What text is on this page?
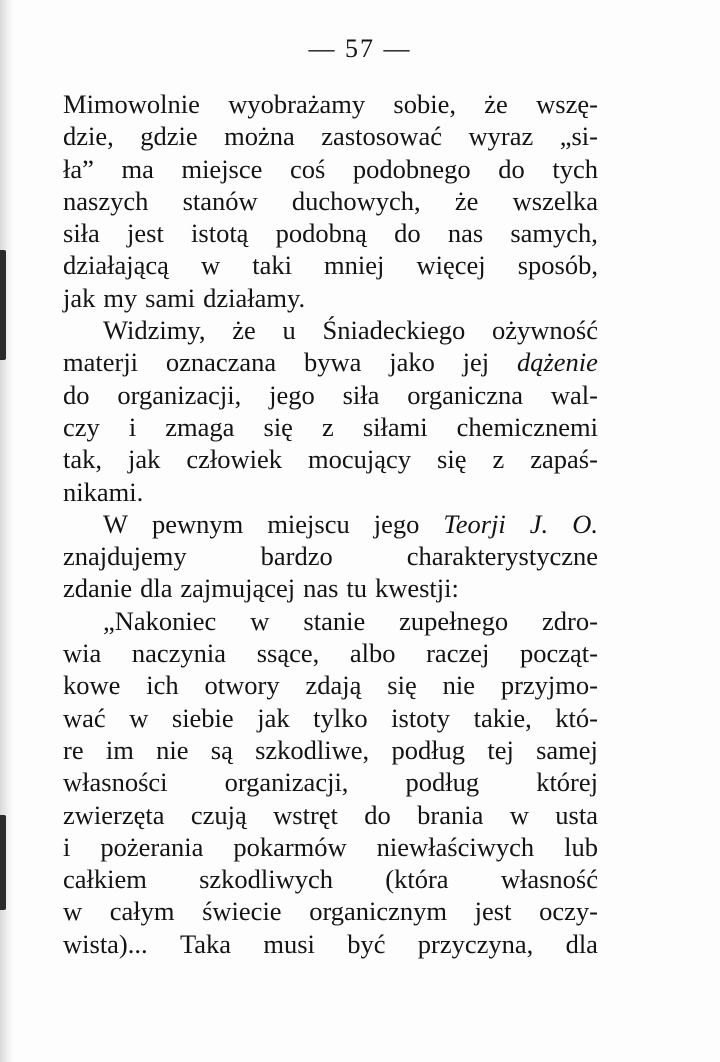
— 57 —
Mimowolnie wyobrażamy sobie, że wszę-
dzie, gdzie można zastosować wyraz „si-
ła” ma miejsce coś podobnego do tych
naszych stanów duchowych, że wszelka
siła jest istotą podobną do nas samych,
działającą w taki mniej więcej sposób,
jak my sami działamy.
Widzimy, że u Śniadeckiego ożywność
materji oznaczana bywa jako jej dążenie
do organizacji, jego siła organiczna wal-
czy i zmaga się z siłami chemicznemi
tak, jak człowiek mocujący się z zapaś-
nikami.
W pewnym miejscu jego Teorji J. O.
znajdujemy	bardzo	charakterystyczne
zdanie dla zajmującej nas tu kwestji:
„Nakoniec w stanie zupełnego zdro-
wia naczynia ssące, albo raczej począt-
kowe ich otwory zdają się nie przyjmo-
wać w siebie jak tylko istoty takie, któ-
re im nie są szkodliwe, podług tej samej
własności organizacji, podług której
zwierzęta czują wstręt do brania w usta
i pożerania pokarmów niewłaściwych lub
całkiem szkodliwych (która własność
w całym świecie organicznym jest oczy-
wista)... Taka musi być przyczyna, dla
